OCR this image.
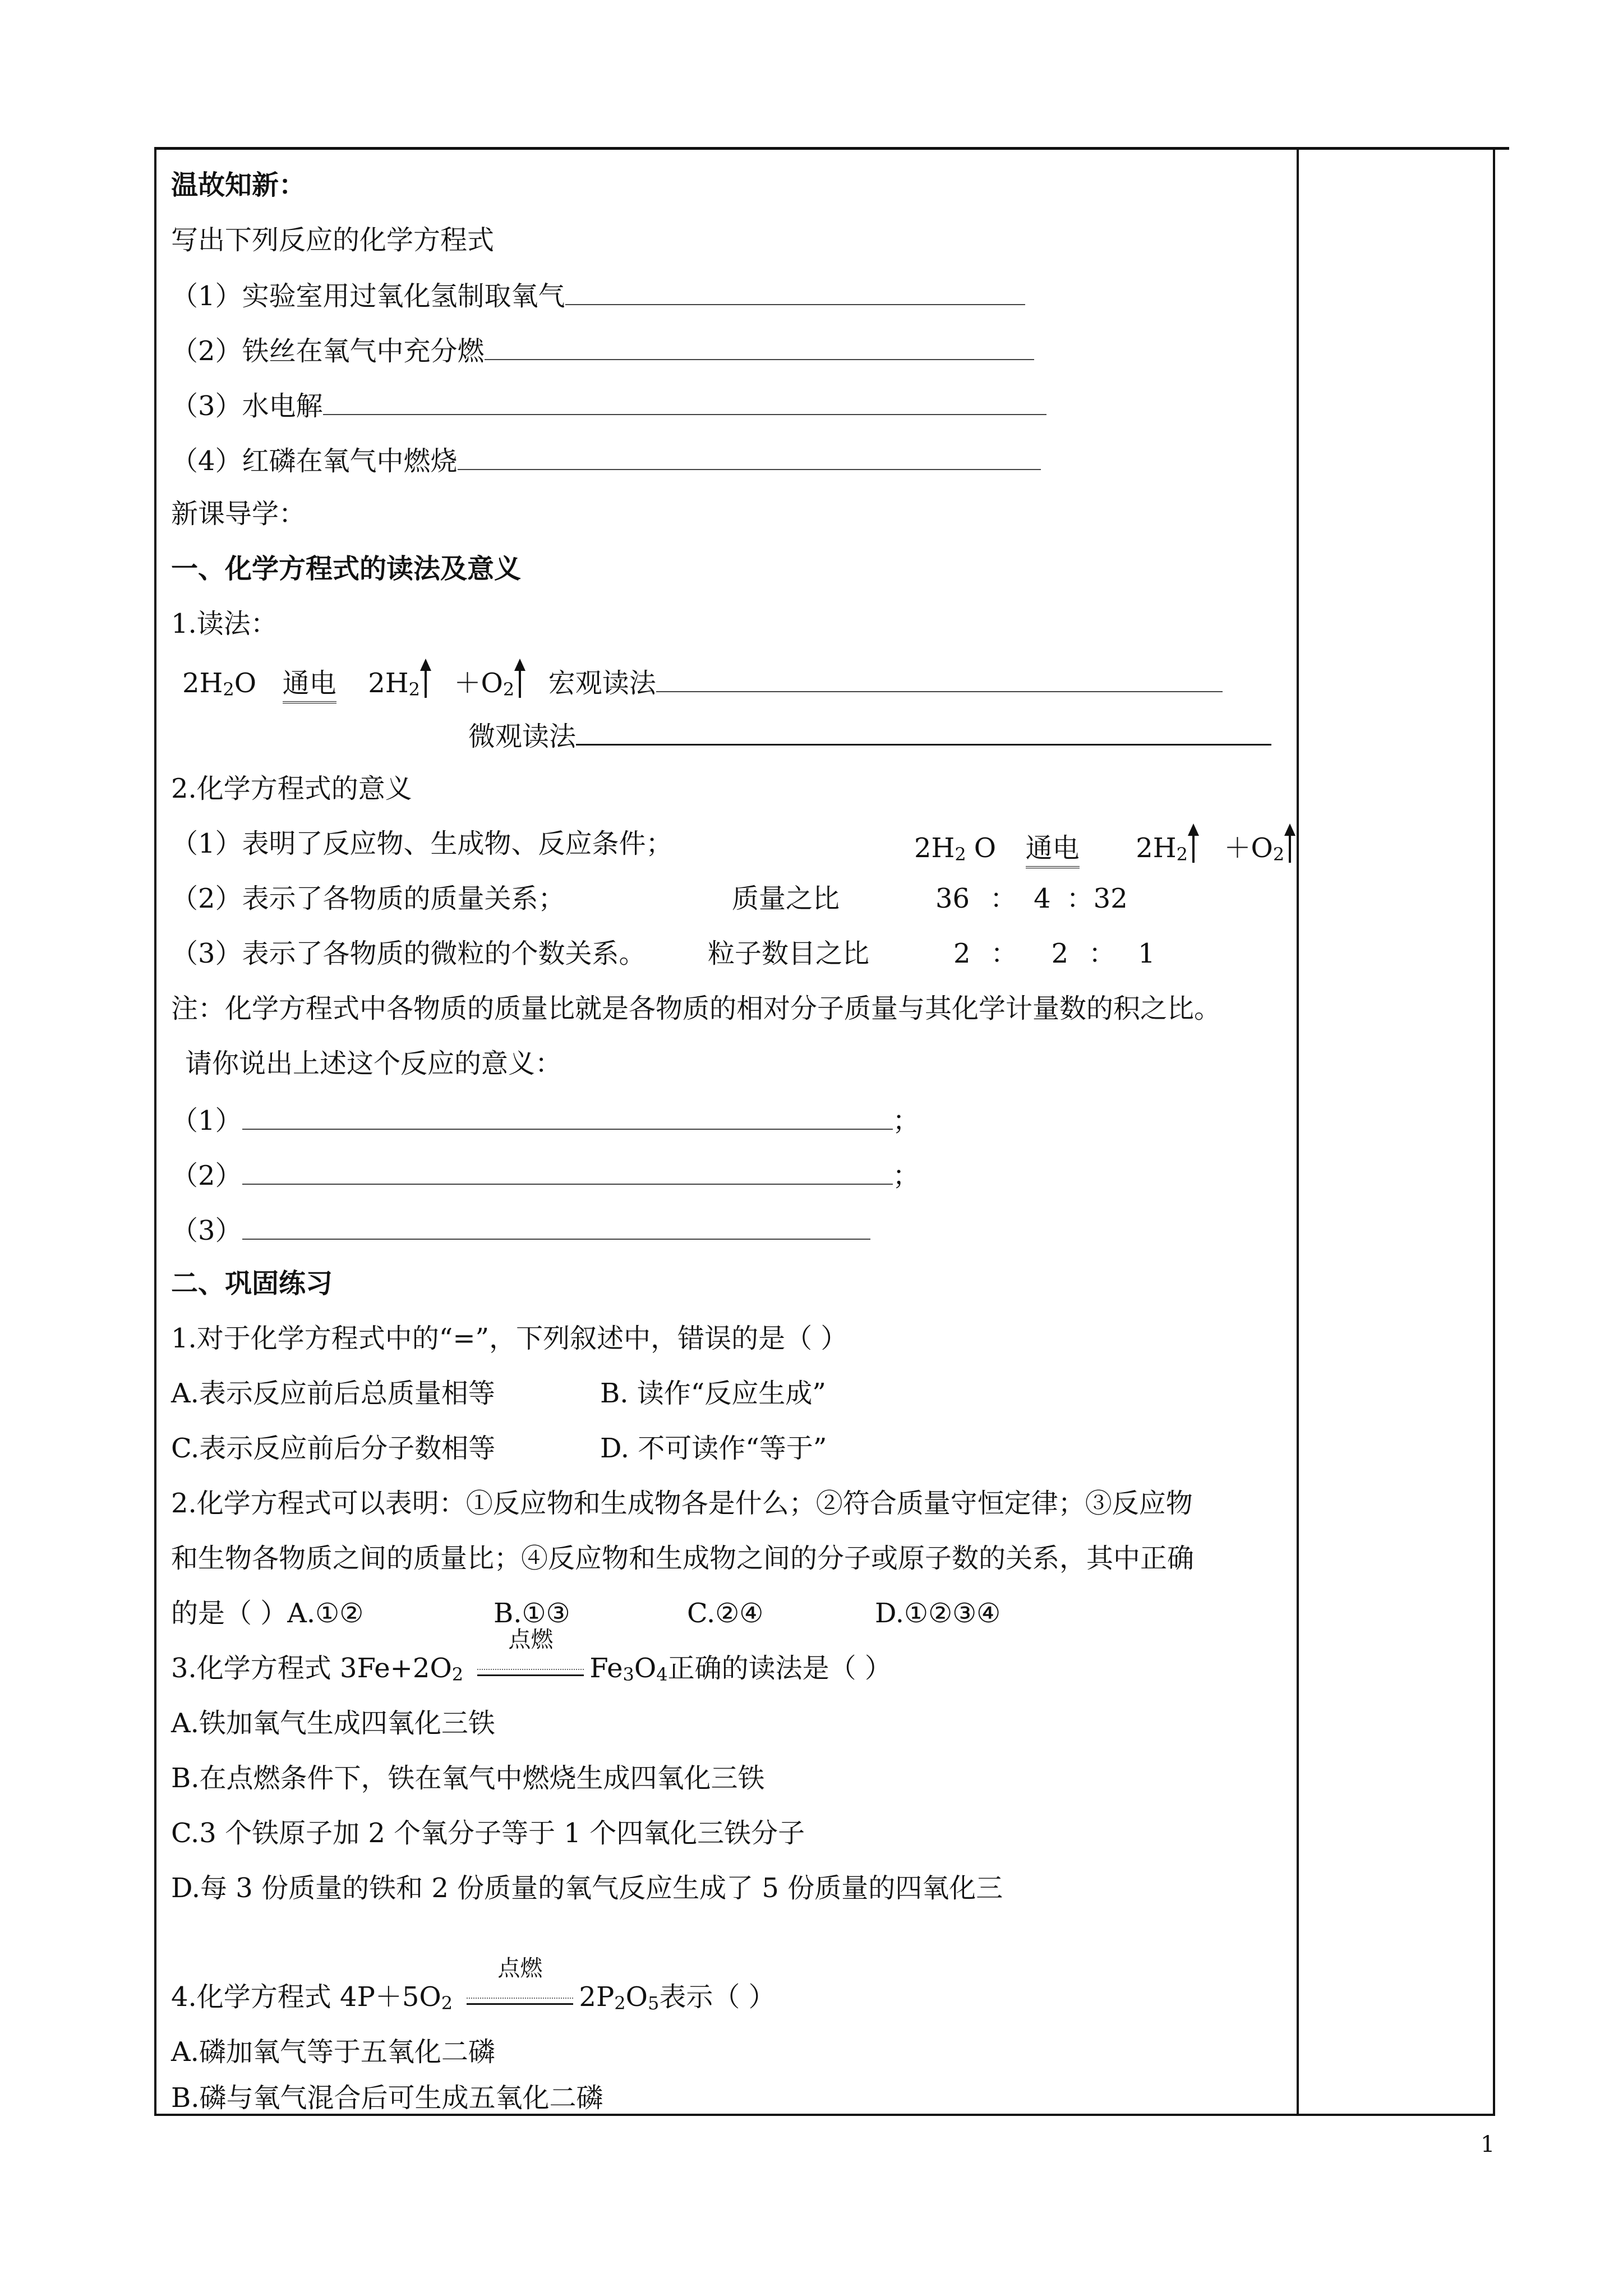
温故知新：
写出下列反应的化学方程式
（1）实验室用过氧化氢制取氧气
（2）铁丝在氧气中充分燃
（3）水电解
（4）红磷在氧气中燃烧
新课导学：
一、化学方程式的读法及意义
1.读法：
$2H_2O$ 通电 $2H_2 +O_2$ 宏观读法
微观读法
2.化学方程式的意义
（1）表明了反应物、生成物、反应条件；	$2H_2$ O 通电 $2H_2 +O_2$
（2）表示了各物质的质量关系；	质量之比	36 ： 4 ：32
（3）表示了各物质的微粒的个数关系。 粒子数目之比	2 ： 2 ： 1
注：化学方程式中各物质的质量比就是各物质的相对分子质量与其化学计量数的积之比。
请你说出上述这个反应的意义：
（1）	；
（2）	；
（3）
二、巩固练习
1.对于化学方程式中的“=”，下列叙述中，错误的是（ ）
A.表示反应前后总质量相等	B. 读作“反应生成”
C.表示反应前后分子数相等	D. 不可读作“等于”
2.化学方程式可以表明：①反应物和生成物各是什么；②符合质量守恒定律；③反应物
和生物各物质之间的质量比；④反应物和生成物之间的分子或原子数的关系，其中正确
的是（ ）A.①②	B.①③	C.②④	D.①②③④
3.化学方程式 $3Fe+2O_2$
点燃
$Fe_3O_4$正确的读法是（ ）
A.铁加氧气生成四氧化三铁
B.在点燃条件下，铁在氧气中燃烧生成四氧化三铁
C.3 个铁原子加 2 个氧分子等于 1 个四氧化三铁分子
D.每 3 份质量的铁和 2 份质量的氧气反应生成了 5 份质量的四氧化三
4.化学方程式 $4P+5O_2$
点燃
$2P_2O_5$表示（ ）
A.磷加氧气等于五氧化二磷
B.磷与氧气混合后可生成五氧化二磷
1
